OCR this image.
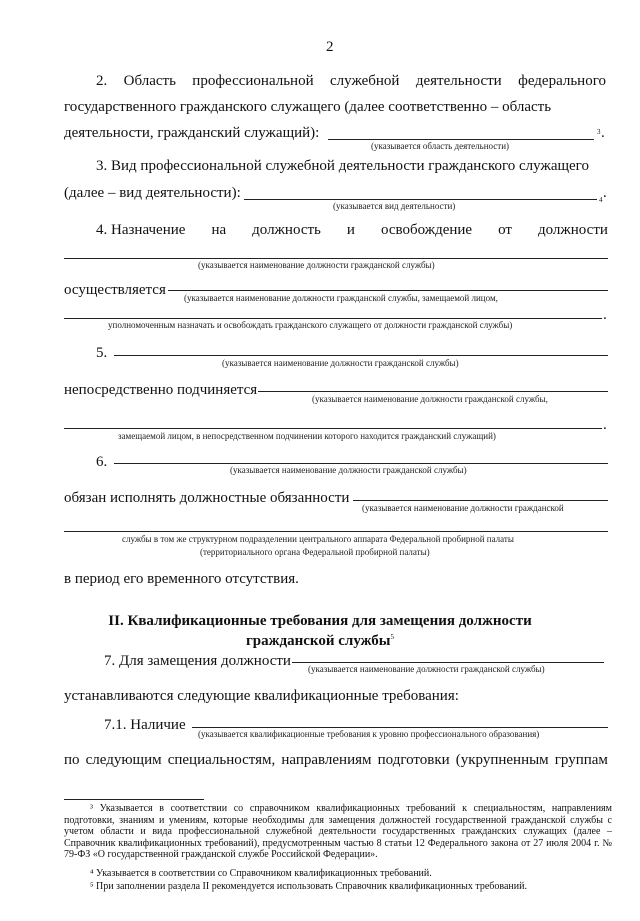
2
2. Область профессиональной служебной деятельности федерального
государственного гражданского служащего (далее соответственно – область
деятельности, гражданский служащий):	3 .
(указывается область деятельности)
3. Вид профессиональной служебной деятельности гражданского служащего
(далее – вид деятельности):	4 .
(указывается вид деятельности)
4. Назначение на должность и освобождение от должности
(указывается наименование должности гражданской службы)
осуществляется (указывается наименование должности гражданской службы, замещаемой лицом,
.
уполномоченным назначать и освобождать гражданского служащего от должности гражданской службы)
5.
(указывается наименование должности гражданской службы)
непосредственно подчиняется
(указывается наименование должности гражданской службы,
.
замещаемой лицом, в непосредственном подчинении которого находится гражданский служащий)
6.	(указывается наименование должности гражданской службы)
обязан исполнять должностные обязанности
(указывается наименование должности гражданской
службы в том же структурном подразделении центрального аппарата Федеральной пробирной палаты
(территориального органа Федеральной пробирной палаты)
в период его временного отсутствия.
II. Квалификационные требования для замещения должности
гражданской службы$^5$
7. Для замещения должности (указывается наименование должности гражданской службы)
устанавливаются следующие квалификационные требования:
7.1. Наличие
(указывается квалификационные требования к уровню профессионального образования)
по следующим специальностям, направлениям подготовки (укрупненным группам
³ Указывается в соответствии со справочником квалификационных требований к специальностям, направлениям подготовки, знаниям и умениям, которые необходимы для замещения должностей государственной гражданской службы с учетом области и вида профессиональной служебной деятельности государственных гражданских служащих (далее – Справочник квалификационных требований), предусмотренным частью 8 статьи 12 Федерального закона от 27 июля 2004 г. № 79-ФЗ «О государственной гражданской службе Российской Федерации».
⁴ Указывается в соответствии со Справочником квалификационных требований.
⁵ При заполнении раздела II рекомендуется использовать Справочник квалификационных требований.
